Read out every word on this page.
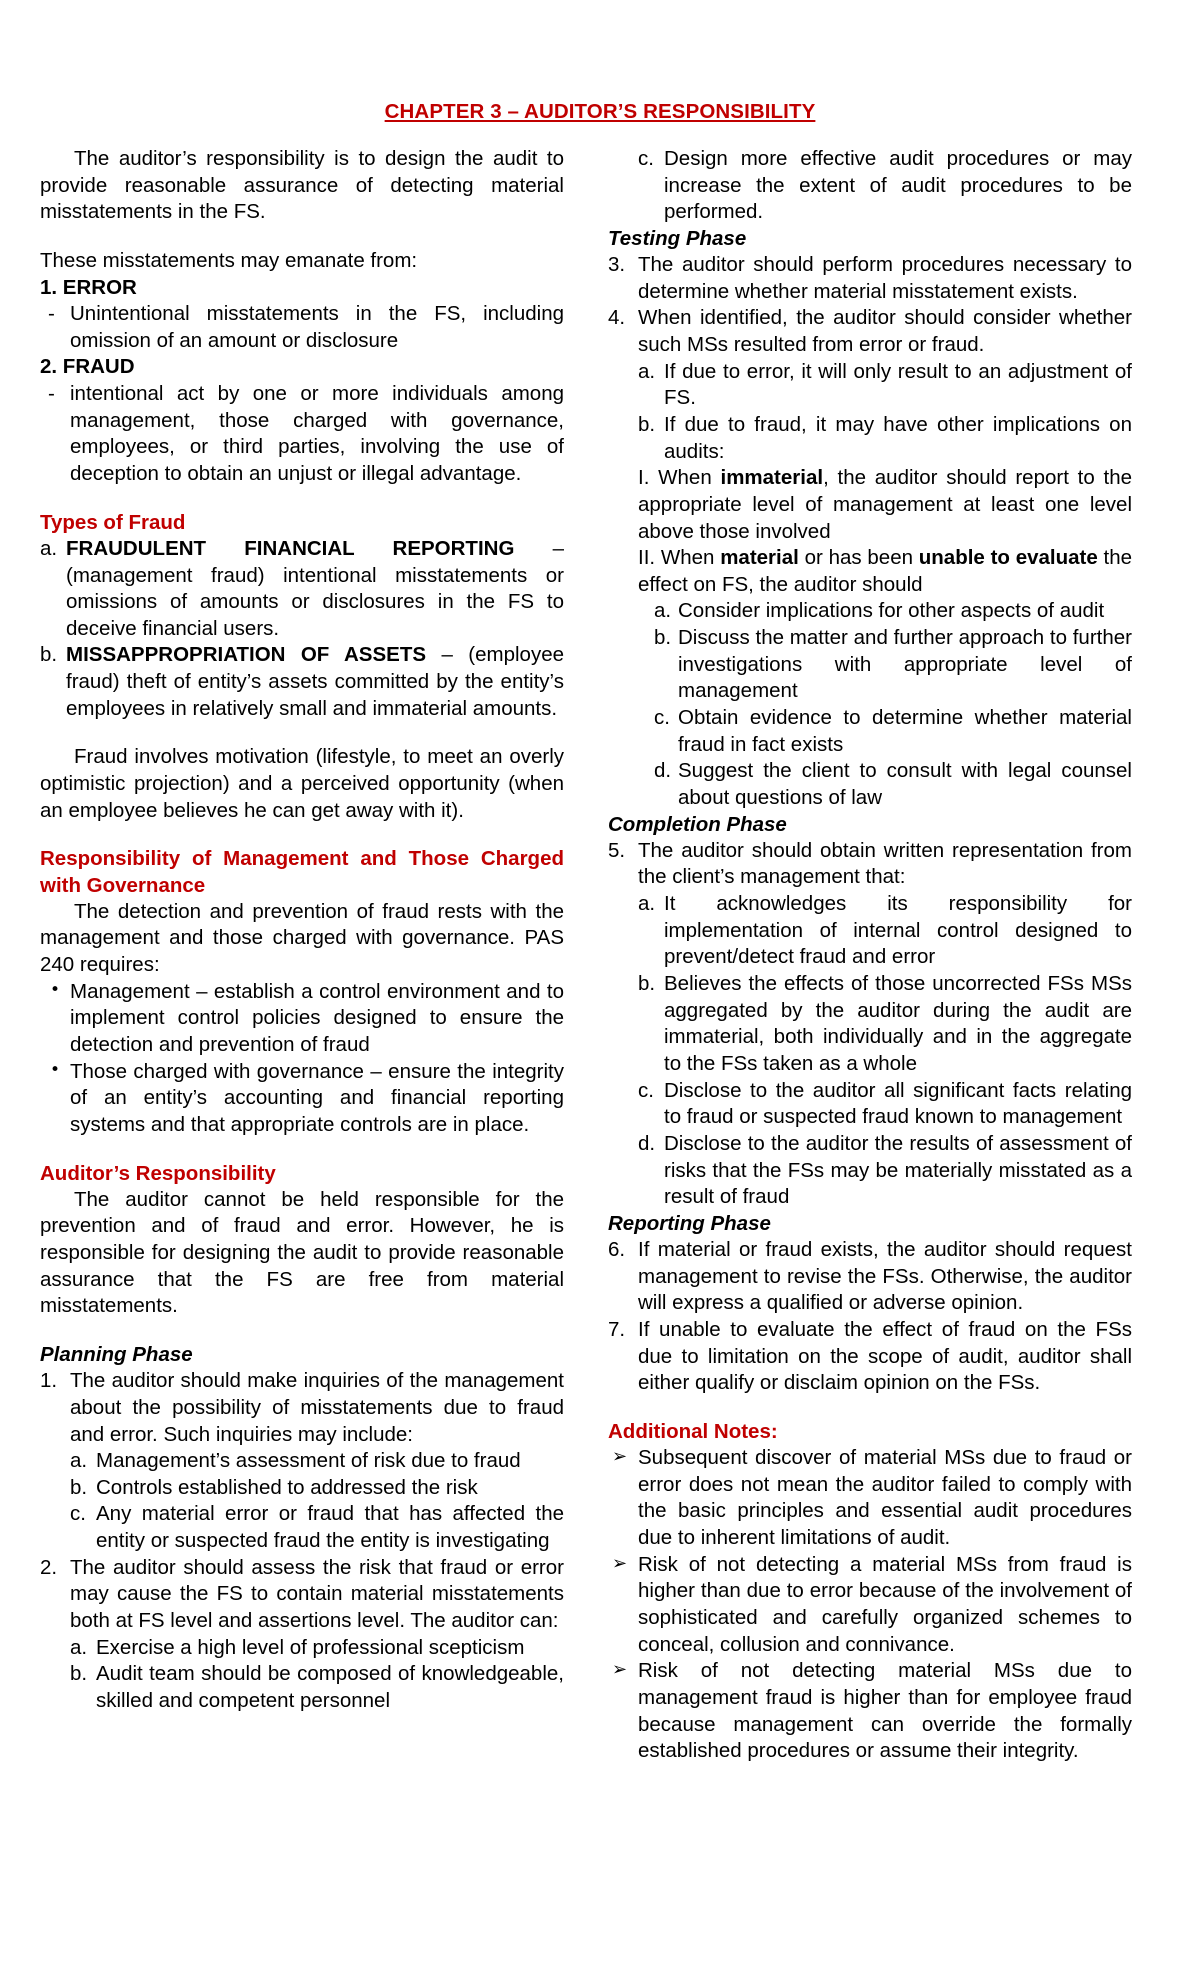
CHAPTER 3 – AUDITOR’S RESPONSIBILITY

The auditor’s responsibility is to design the audit to provide reasonable assurance of detecting material misstatements in the FS.

These misstatements may emanate from:

1. ERROR

- Unintentional misstatements in the FS, including omission of an amount or disclosure

2. FRAUD

- intentional act by one or more individuals among management, those charged with governance, employees, or third parties, involving the use of deception to obtain an unjust or illegal advantage.

Types of Fraud

a. FRAUDULENT FINANCIAL REPORTING – (management fraud) intentional misstatements or omissions of amounts or disclosures in the FS to deceive financial users.
b. MISSAPPROPRIATION OF ASSETS – (employee fraud) theft of entity’s assets committed by the entity’s employees in relatively small and immaterial amounts.

Fraud involves motivation (lifestyle, to meet an overly optimistic projection) and a perceived opportunity (when an employee believes he can get away with it).

Responsibility of Management and Those Charged with Governance

The detection and prevention of fraud rests with the management and those charged with governance. PAS 240 requires:

• Management – establish a control environment and to implement control policies designed to ensure the detection and prevention of fraud
• Those charged with governance – ensure the integrity of an entity’s accounting and financial reporting systems and that appropriate controls are in place.

Auditor’s Responsibility

The auditor cannot be held responsible for the prevention and of fraud and error. However, he is responsible for designing the audit to provide reasonable assurance that the FS are free from material misstatements.

Planning Phase

1. The auditor should make inquiries of the management about the possibility of misstatements due to fraud and error. Such inquiries may include:
a. Management’s assessment of risk due to fraud
b. Controls established to addressed the risk
c. Any material error or fraud that has affected the entity or suspected fraud the entity is investigating
2. The auditor should assess the risk that fraud or error may cause the FS to contain material misstatements both at FS level and assertions level. The auditor can:
a. Exercise a high level of professional scepticism
b. Audit team should be composed of knowledgeable, skilled and competent personnel
c. Design more effective audit procedures or may increase the extent of audit procedures to be performed.

Testing Phase

3. The auditor should perform procedures necessary to determine whether material misstatement exists.
4. When identified, the auditor should consider whether such MSs resulted from error or fraud.
a. If due to error, it will only result to an adjustment of FS.
b. If due to fraud, it may have other implications on audits:
I. When immaterial, the auditor should report to the appropriate level of management at least one level above those involved
II. When material or has been unable to evaluate the effect on FS, the auditor should
a. Consider implications for other aspects of audit
b. Discuss the matter and further approach to further investigations with appropriate level of management
c. Obtain evidence to determine whether material fraud in fact exists
d. Suggest the client to consult with legal counsel about questions of law

Completion Phase

5. The auditor should obtain written representation from the client’s management that:
a. It acknowledges its responsibility for implementation of internal control designed to prevent/detect fraud and error
b. Believes the effects of those uncorrected FSs MSs aggregated by the auditor during the audit are immaterial, both individually and in the aggregate to the FSs taken as a whole
c. Disclose to the auditor all significant facts relating to fraud or suspected fraud known to management
d. Disclose to the auditor the results of assessment of risks that the FSs may be materially misstated as a result of fraud

Reporting Phase

6. If material or fraud exists, the auditor should request management to revise the FSs. Otherwise, the auditor will express a qualified or adverse opinion.
7. If unable to evaluate the effect of fraud on the FSs due to limitation on the scope of audit, auditor shall either qualify or disclaim opinion on the FSs.

Additional Notes:

➢ Subsequent discover of material MSs due to fraud or error does not mean the auditor failed to comply with the basic principles and essential audit procedures due to inherent limitations of audit.
➢ Risk of not detecting a material MSs from fraud is higher than due to error because of the involvement of sophisticated and carefully organized schemes to conceal, collusion and connivance.
➢ Risk of not detecting material MSs due to management fraud is higher than for employee fraud because management can override the formally established procedures or assume their integrity.
